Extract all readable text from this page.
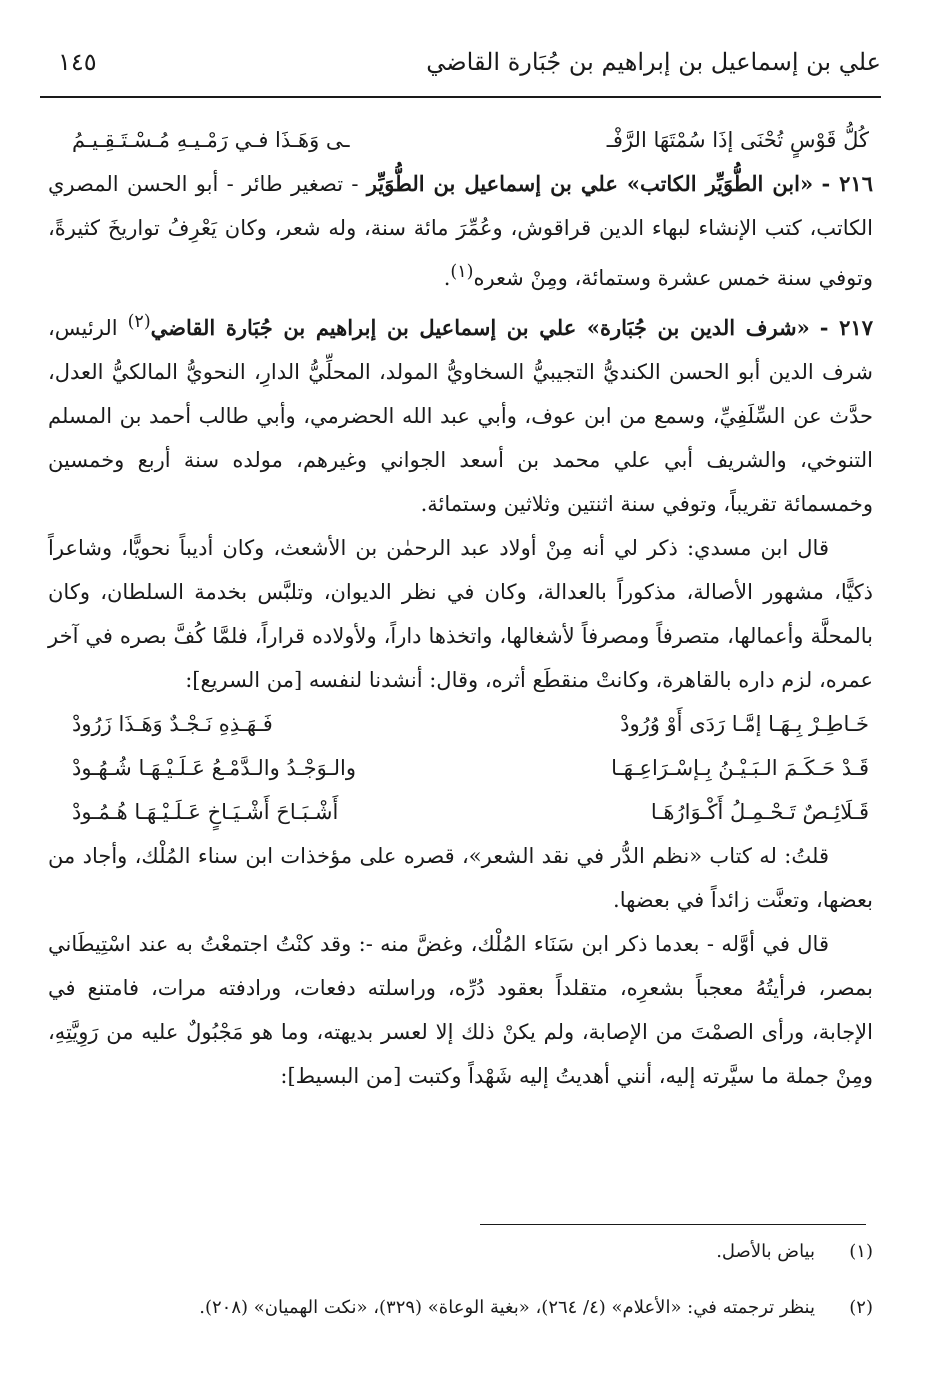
علي بن إسماعيل بن إبراهيم بن جُبَارة القاضي
١٤٥
كُلُّ قَوْسٍ تُحْنَى إذَا سُمْتَهَا الرَّفْـ
ـى وَهَـذَا فـي رَمْـيـهِ مُـسْـتَـقِـيـمُ

٢١٦ - «ابن الطُّوَيِّر الكاتب» علي بن إسماعيل بن الطُّوَيِّر - تصغير طائر - أبو الحسن المصري الكاتب، كتب الإنشاء لبهاء الدين قراقوش، وعُمِّرَ مائة سنة، وله شعر، وكان يَعْرِفُ تواريخَ كثيرةً، وتوفي سنة خمس عشرة وستمائة، ومِنْ شعره$^{(١)}$.

٢١٧ - «شرف الدين بن جُبَارة» علي بن إسماعيل بن إبراهيم بن جُبَارة القاضي$^{(٢)}$ الرئيس، شرف الدين أبو الحسن الكنديُّ التجيبيُّ السخاويُّ المولد، المحلِّيُّ الدارِ، النحويُّ المالكيُّ العدل، حدَّث عن السِّلَفِيِّ، وسمع من ابن عوف، وأبي عبد الله الحضرمي، وأبي طالب أحمد بن المسلم التنوخي، والشريف أبي علي محمد بن أسعد الجواني وغيرهم، مولده سنة أربع وخمسين وخمسمائة تقريباً، وتوفي سنة اثنتين وثلاثين وستمائة.

قال ابن مسدي: ذكر لي أنه مِنْ أولاد عبد الرحمٰن بن الأشعث، وكان أديباً نحويًّا، وشاعراً ذكيًّا، مشهور الأصالة، مذكوراً بالعدالة، وكان في نظر الديوان، وتلبَّس بخدمة السلطان، وكان بالمحلَّة وأعمالها، متصرفاً ومصرفاً لأشغالها، واتخذها داراً، ولأولاده قراراً، فلمَّا كُفَّ بصره في آخر عمره، لزم داره بالقاهرة، وكانتْ منقطَع أثره، وقال: أنشدنا لنفسه [من السريع]:

خَـاطِـرْ بِـهَـا إمَّـا رَدَى أَوْ وُرُودْ
فَـهَـذِهِ نَـجْـدٌ وَهَـذَا زَرُودْ
قَـدْ حَـكَـمَ الـبَـيْـنُ بِـإسْـرَاعِـهَـا
والـوَجْـدُ والـدَّمْـعُ عَـلَـيْـهَـا شُـهُـودْ
قَـلَائِـصٌ تَـحْـمِـلُ أَكْـوَارُهَـا
أَشْـبَـاحَ أَشْـيَـاخٍ عَـلَـيْـهَـا هُـمُـودْ

قلتُ: له كتاب «نظم الدُّر في نقد الشعر»، قصره على مؤخذات ابن سناء المُلْك، وأجاد من بعضها، وتعنَّت زائداً في بعضها.

قال في أوَّله - بعدما ذكر ابن سَنَاء المُلْك، وغضَّ منه -: وقد كنْتُ اجتمعْتُ به عند اسْتِيطَاني بمصر، فرأيتُهُ معجباً بشعرِه، متقلداً بعقود دُرِّه، وراسلته دفعات، ورادفته مرات، فامتنع في الإجابة، ورأى الصمْتَ من الإصابة، ولم يكنْ ذلك إلا لعسر بديهته، وما هو مَجْبُولٌ عليه من رَوِيَّتِهِ، ومِنْ جملة ما سيَّرته إليه، أنني أهديتُ إليه شَهْداً وكتبت [من البسيط]:

(١)
بياض بالأصل.
(٢)
ينظر ترجمته في: «الأعلام» (٤/ ٢٦٤)، «بغية الوعاة» (٣٢٩)، «نكت الهميان» (٢٠٨).
